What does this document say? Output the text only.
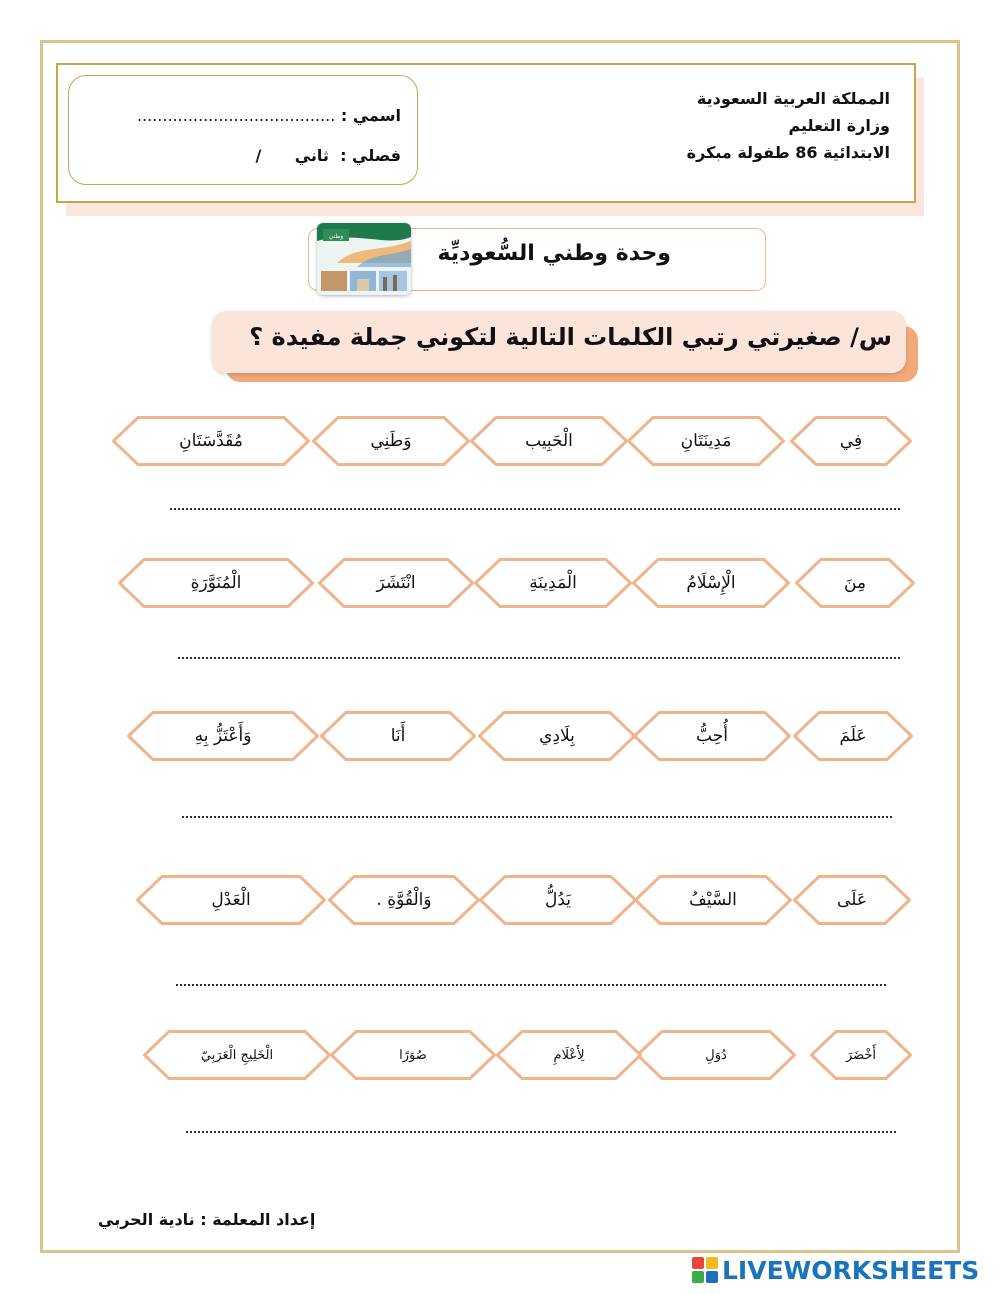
المملكة العربية السعودية
وزارة التعليم
الابتدائية 86 طفولة مبكرة
اسمي : .......................................
فصلي :  ثاني      /
وحدة وطني السُّعوديِّة
وطني
س/ صغيرتي رتبي الكلمات التالية لتكوني جملة مفيدة ؟
فِي
مَدِينَتَانِ
الْحَبِيب
وَطَنِي
مُقَدَّسَتَانِ
مِنَ
الْإِسْلَامُ
الْمَدِينَةِ
انْتَشَرَ
الْمُنَوَّرَةِ
عَلَمَ
أُحِبُّ
بِلَادِي
أَنَا
وَأَعْتَزُّ بِهِ
عَلَى
السَّيْفُ
يَدُلُّ
وَالْقُوَّةِ .
الْعَدْلِ
أَخْضَرَ
دُوَلِ
لِأَعْلَامِ
صُوَرًا
الْخَلِيجِ الْعَرَبِيّ
إعداد المعلمة : نادية الحربي
LIVEWORKSHEETS
